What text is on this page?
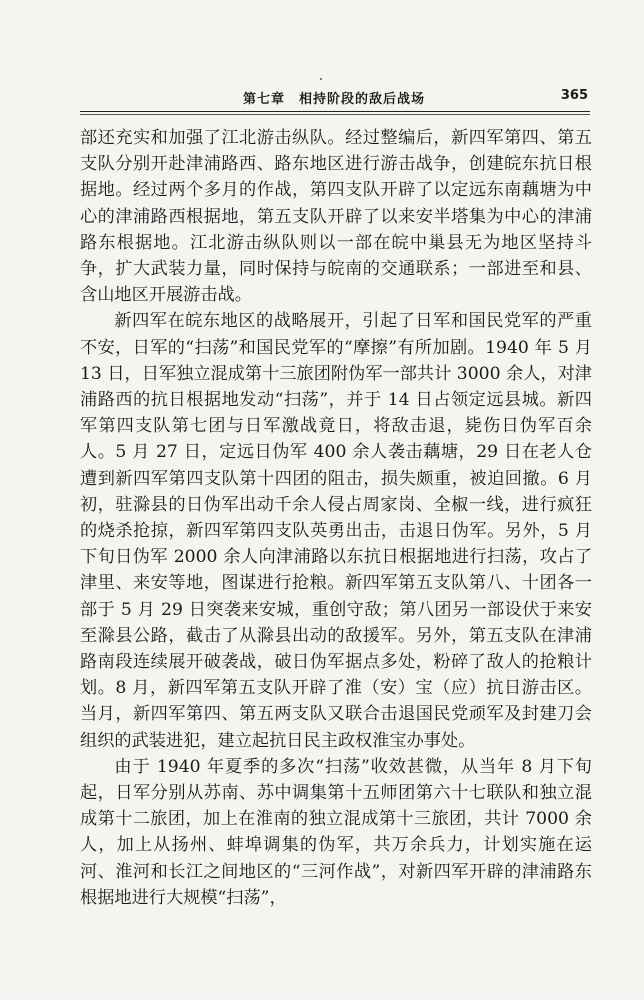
第七章　相持阶段的敌后战场	365

部还充实和加强了江北游击纵队。经过整编后，新四军第四、第五支队分别开赴津浦路西、路东地区进行游击战争，创建皖东抗日根据地。经过两个多月的作战，第四支队开辟了以定远东南藕塘为中心的津浦路西根据地，第五支队开辟了以来安半塔集为中心的津浦路东根据地。江北游击纵队则以一部在皖中巢县无为地区坚持斗争，扩大武装力量，同时保持与皖南的交通联系；一部进至和县、含山地区开展游击战。

新四军在皖东地区的战略展开，引起了日军和国民党军的严重不安，日军的“扫荡”和国民党军的“摩擦”有所加剧。1940 年 5 月 13 日，日军独立混成第十三旅团附伪军一部共计 3000 余人，对津浦路西的抗日根据地发动“扫荡”，并于 14 日占领定远县城。新四军第四支队第七团与日军激战竟日，将敌击退，毙伤日伪军百余人。5 月 27 日，定远日伪军 400 余人袭击藕塘，29 日在老人仓遭到新四军第四支队第十四团的阻击，损失颇重，被迫回撤。6 月初，驻滁县的日伪军出动千余人侵占周家岗、全椒一线，进行疯狂的烧杀抢掠，新四军第四支队英勇出击，击退日伪军。另外，5 月下旬日伪军 2000 余人向津浦路以东抗日根据地进行扫荡，攻占了津里、来安等地，图谋进行抢粮。新四军第五支队第八、十团各一部于 5 月 29 日突袭来安城，重创守敌；第八团另一部设伏于来安至滁县公路，截击了从滁县出动的敌援军。另外，第五支队在津浦路南段连续展开破袭战，破日伪军据点多处，粉碎了敌人的抢粮计划。8 月，新四军第五支队开辟了淮（安）宝（应）抗日游击区。当月，新四军第四、第五两支队又联合击退国民党顽军及封建刀会组织的武装进犯，建立起抗日民主政权淮宝办事处。

由于 1940 年夏季的多次“扫荡”收效甚微，从当年 8 月下旬起，日军分别从苏南、苏中调集第十五师团第六十七联队和独立混成第十二旅团，加上在淮南的独立混成第十三旅团，共计 7000 余人，加上从扬州、蚌埠调集的伪军，共万余兵力，计划实施在运河、淮河和长江之间地区的“三河作战”，对新四军开辟的津浦路东根据地进行大规模“扫荡”，
